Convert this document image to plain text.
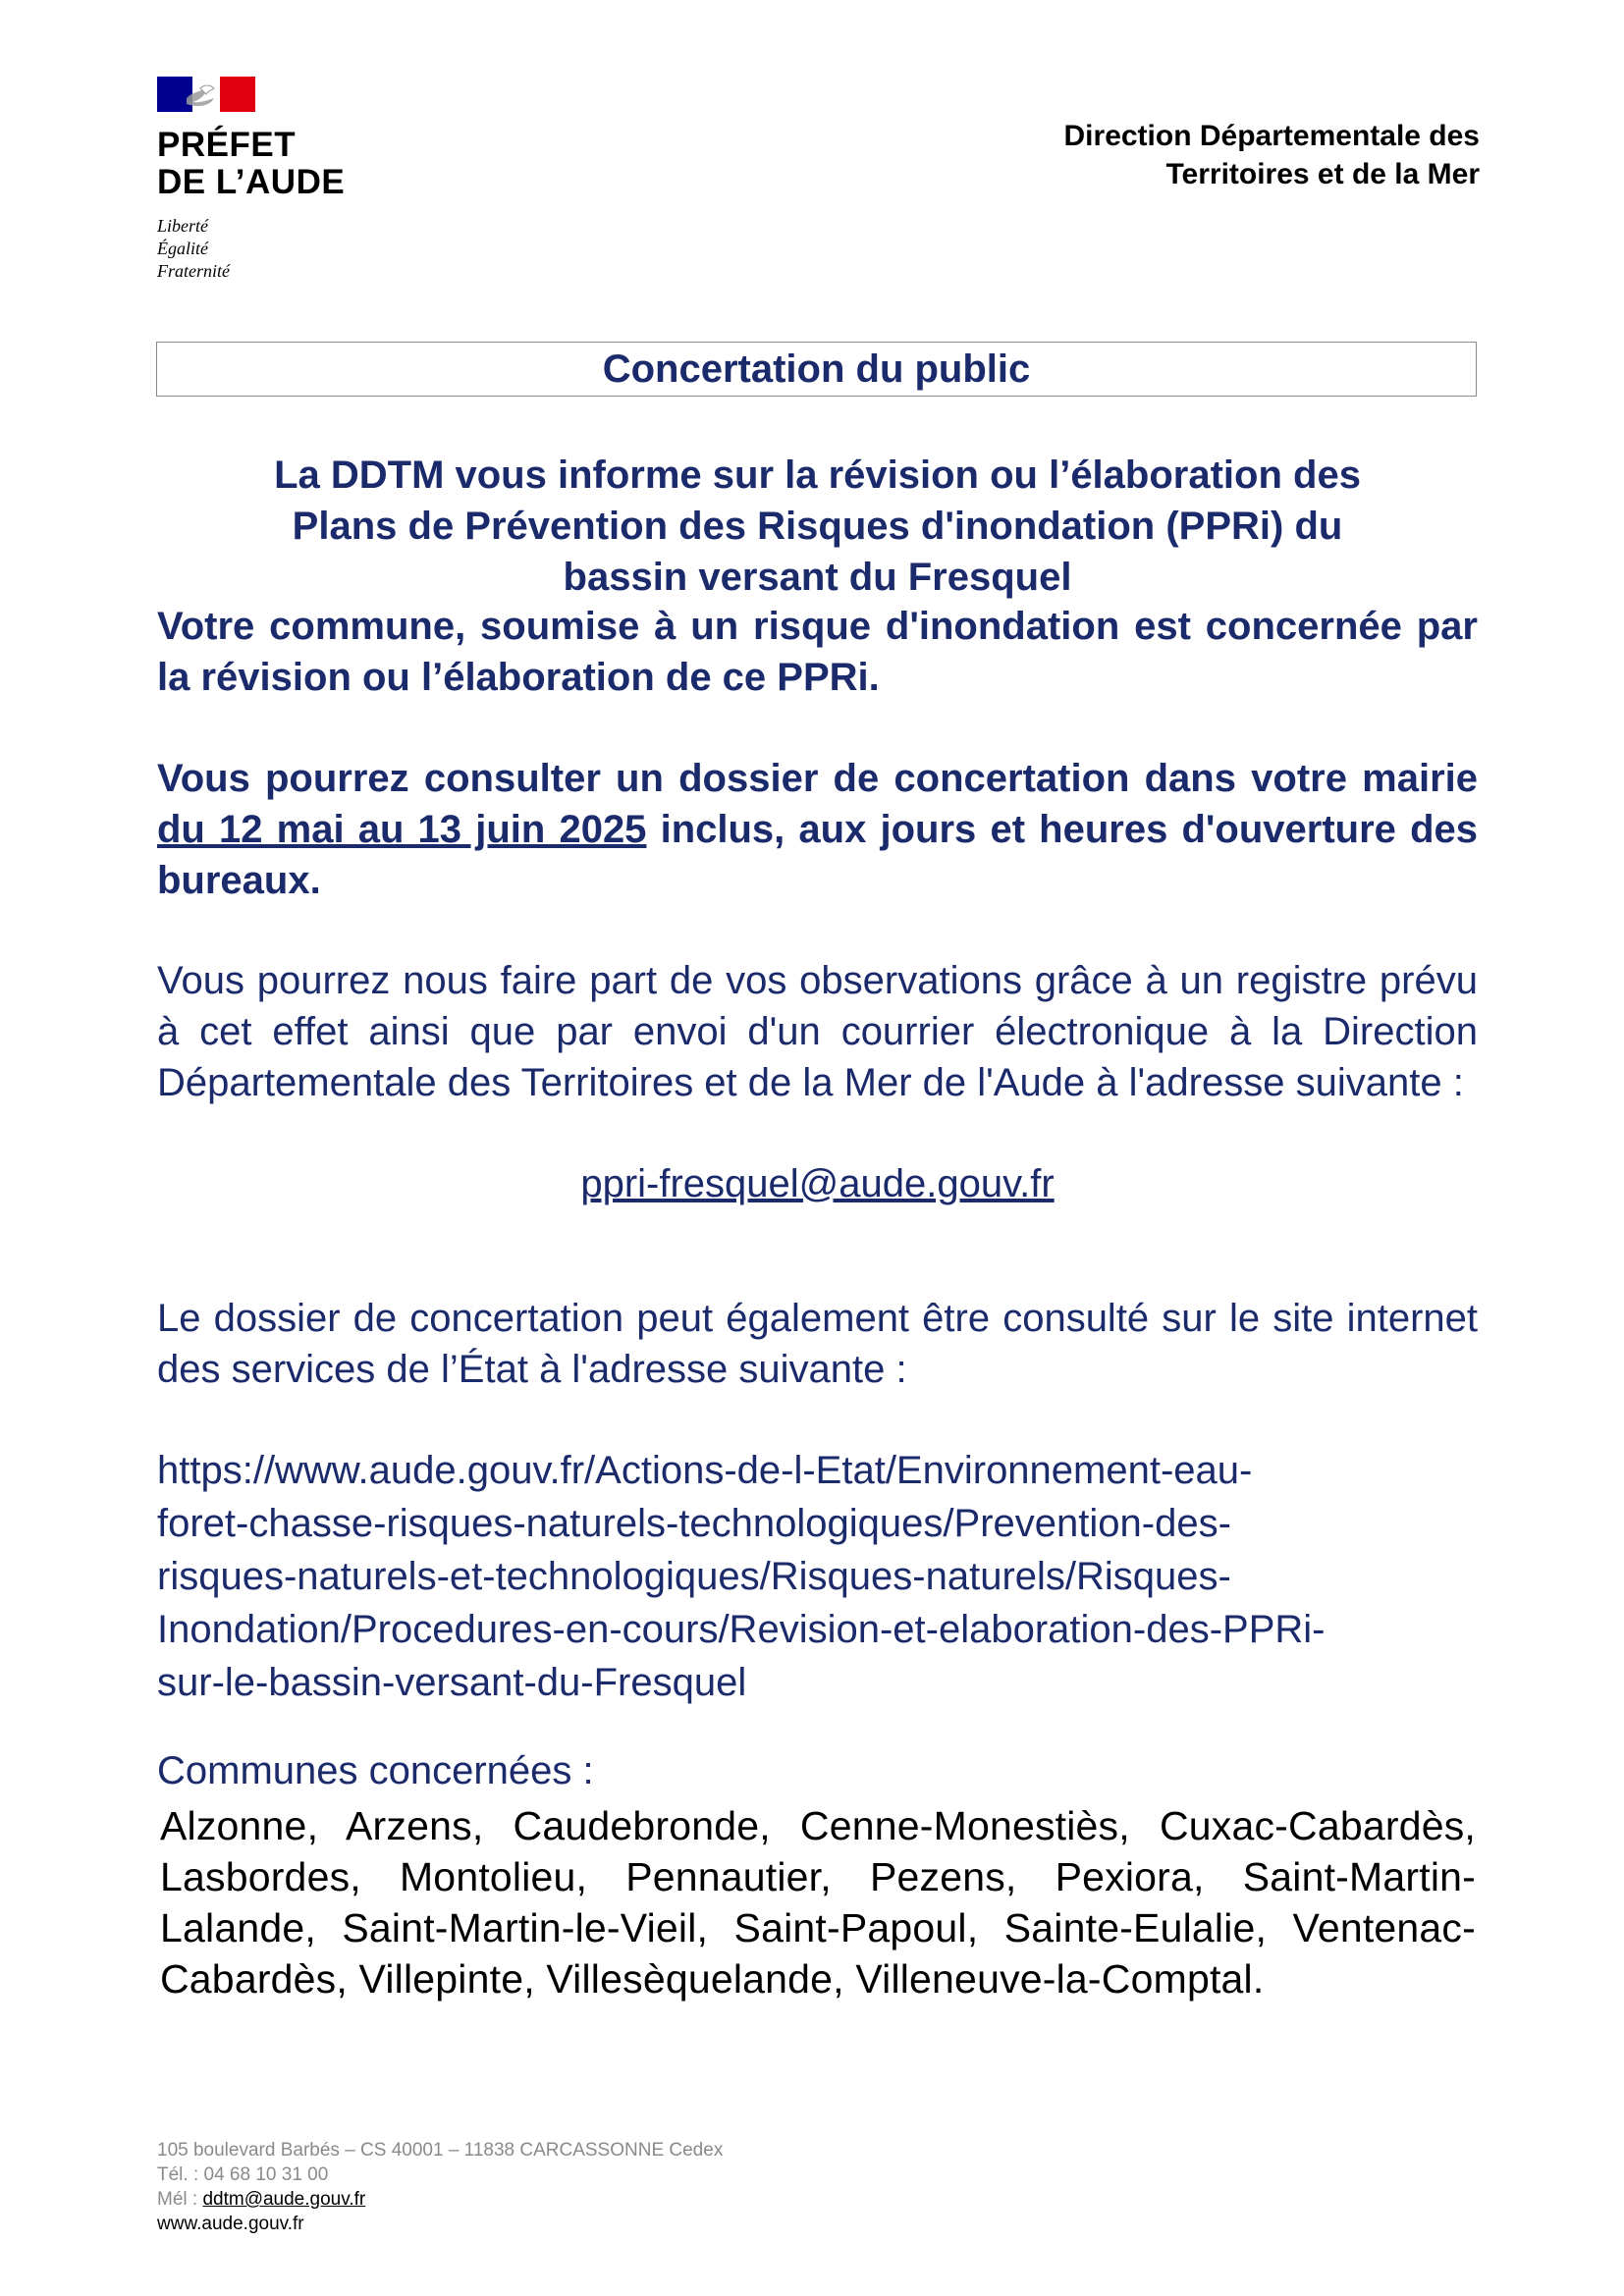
PRÉFET
DE L’AUDE
Liberté
Égalité
Fraternité
Direction Départementale des
Territoires et de la Mer
Concertation du public
La DDTM vous informe sur la révision ou l’élaboration des
Plans de Prévention des Risques d'inondation (PPRi) du
bassin versant du Fresquel
Votre commune, soumise à un risque d'inondation est concernée par la révision ou l’élaboration de ce PPRi.
Vous pourrez consulter un dossier de concertation dans votre mairie du 12 mai au 13 juin 2025 inclus, aux jours et heures d'ouverture des bureaux.
Vous pourrez nous faire part de vos observations grâce à un registre prévu à cet effet ainsi que par envoi d'un courrier électronique à la Direction Départementale des Territoires et de la Mer de l'Aude à l'adresse suivante :
ppri-fresquel@aude.gouv.fr
Le dossier de concertation peut également être consulté sur le site internet des services de l’État à l'adresse suivante :
https://www.aude.gouv.fr/Actions-de-l-Etat/Environnement-eau-
foret-chasse-risques-naturels-technologiques/Prevention-des-
risques-naturels-et-technologiques/Risques-naturels/Risques-
Inondation/Procedures-en-cours/Revision-et-elaboration-des-PPRi-
sur-le-bassin-versant-du-Fresquel
Communes concernées :
Alzonne, Arzens, Caudebronde, Cenne-Monestiès, Cuxac-Cabardès, Lasbordes, Montolieu, Pennautier, Pezens, Pexiora, Saint-Martin-Lalande, Saint-Martin-le-Vieil, Saint-Papoul, Sainte-Eulalie, Ventenac-Cabardès, Villepinte, Villesèquelande, Villeneuve-la-Comptal.
105 boulevard Barbés – CS 40001 – 11838 CARCASSONNE Cedex
Tél. : 04 68 10 31 00
Mél : ddtm@aude.gouv.fr
www.aude.gouv.fr
